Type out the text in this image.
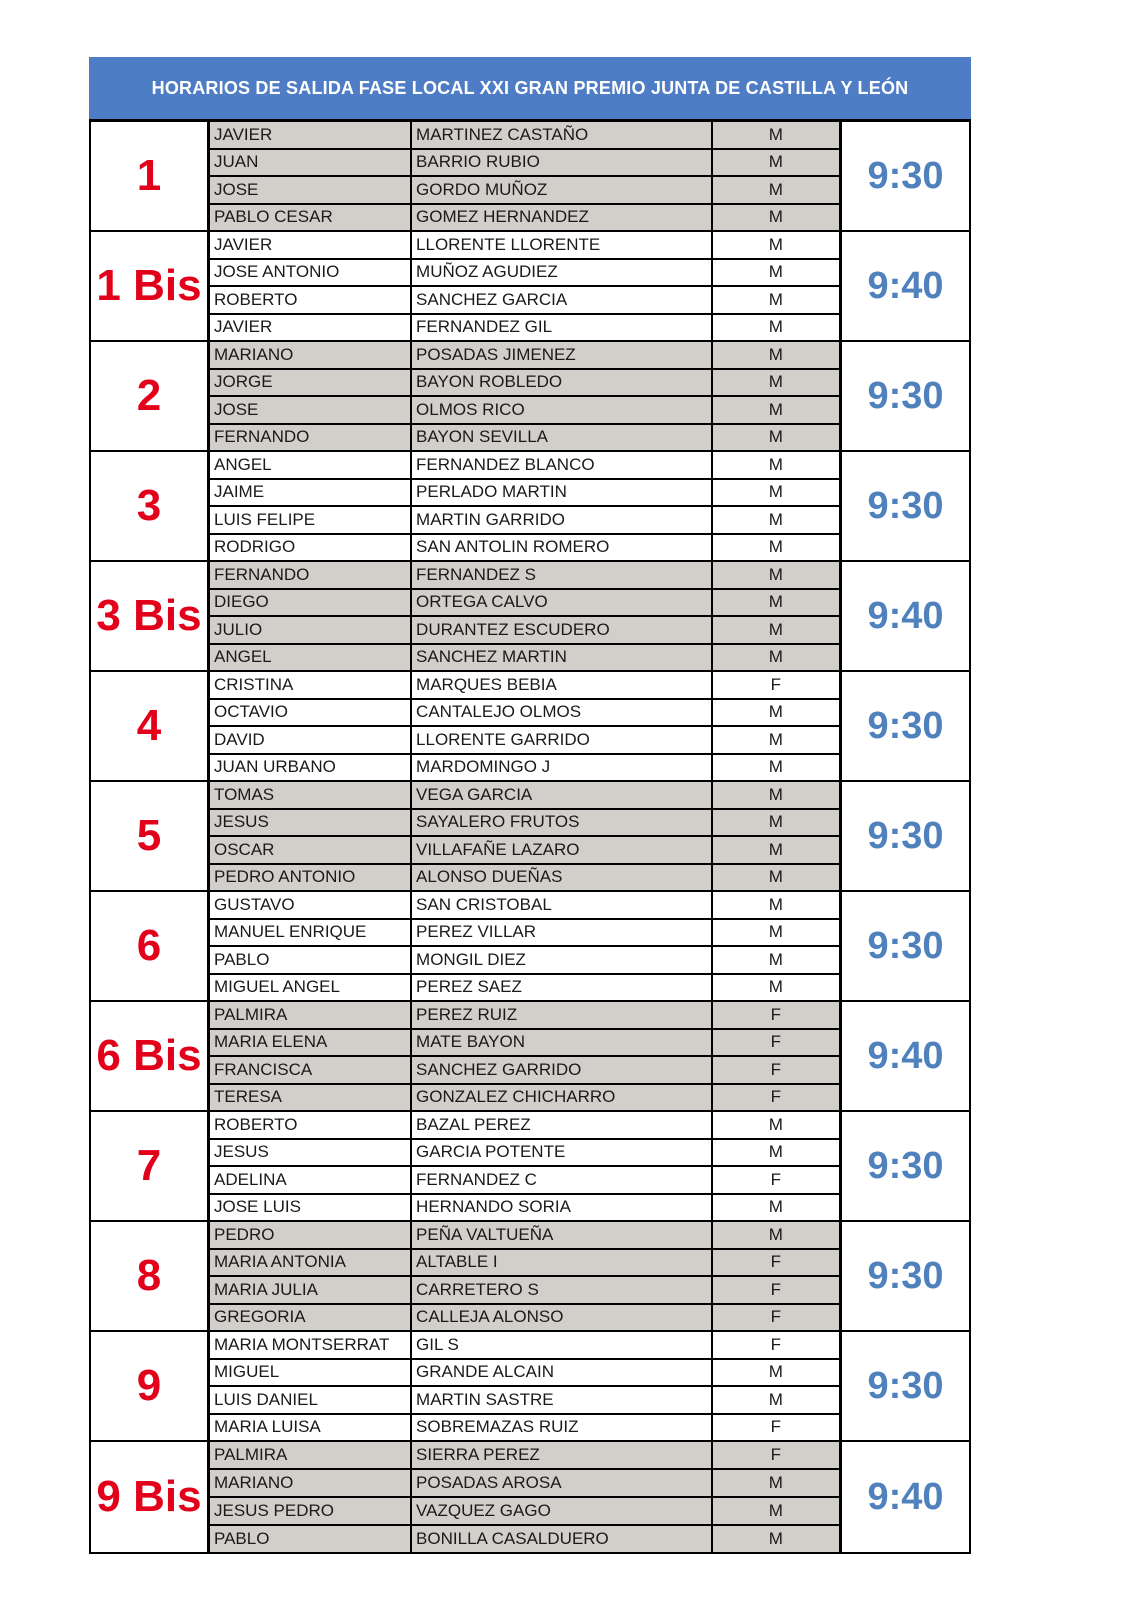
HORARIOS DE SALIDA FASE LOCAL XXI GRAN PREMIO JUNTA DE CASTILLA Y LEÓN
1
JAVIER	MARTINEZ CASTAÑO	M
JUAN	BARRIO RUBIO	M
JOSE	GORDO MUÑOZ	M
PABLO CESAR	GOMEZ HERNANDEZ	M
9:30
1 Bis
JAVIER	LLORENTE LLORENTE	M
JOSE ANTONIO	MUÑOZ AGUDIEZ	M
ROBERTO	SANCHEZ GARCIA	M
JAVIER	FERNANDEZ GIL	M
9:40
2
MARIANO	POSADAS JIMENEZ	M
JORGE	BAYON ROBLEDO	M
JOSE	OLMOS RICO	M
FERNANDO	BAYON SEVILLA	M
9:30
3
ANGEL	FERNANDEZ BLANCO	M
JAIME	PERLADO MARTIN	M
LUIS FELIPE	MARTIN GARRIDO	M
RODRIGO	SAN ANTOLIN ROMERO	M
9:30
3 Bis
FERNANDO	FERNANDEZ S	M
DIEGO	ORTEGA CALVO	M
JULIO	DURANTEZ ESCUDERO	M
ANGEL	SANCHEZ MARTIN	M
9:40
4
CRISTINA	MARQUES BEBIA	F
OCTAVIO	CANTALEJO OLMOS	M
DAVID	LLORENTE GARRIDO	M
JUAN URBANO	MARDOMINGO J	M
9:30
5
TOMAS	VEGA GARCIA	M
JESUS	SAYALERO FRUTOS	M
OSCAR	VILLAFAÑE LAZARO	M
PEDRO ANTONIO	ALONSO DUEÑAS	M
9:30
6
GUSTAVO	SAN CRISTOBAL	M
MANUEL ENRIQUE	PEREZ VILLAR	M
PABLO	MONGIL DIEZ	M
MIGUEL ANGEL	PEREZ SAEZ	M
9:30
6 Bis
PALMIRA	PEREZ RUIZ	F
MARIA ELENA	MATE BAYON	F
FRANCISCA	SANCHEZ GARRIDO	F
TERESA	GONZALEZ CHICHARRO	F
9:40
7
ROBERTO	BAZAL PEREZ	M
JESUS	GARCIA POTENTE	M
ADELINA	FERNANDEZ C	F
JOSE LUIS	HERNANDO SORIA	M
9:30
8
PEDRO	PEÑA VALTUEÑA	M
MARIA ANTONIA	ALTABLE I	F
MARIA JULIA	CARRETERO S	F
GREGORIA	CALLEJA ALONSO	F
9:30
9
MARIA MONTSERRAT	GIL S	F
MIGUEL	GRANDE ALCAIN	M
LUIS DANIEL	MARTIN SASTRE	M
MARIA LUISA	SOBREMAZAS RUIZ	F
9:30
9 Bis
PALMIRA	SIERRA PEREZ	F
MARIANO	POSADAS AROSA	M
JESUS PEDRO	VAZQUEZ GAGO	M
PABLO	BONILLA CASALDUERO	M
9:40
